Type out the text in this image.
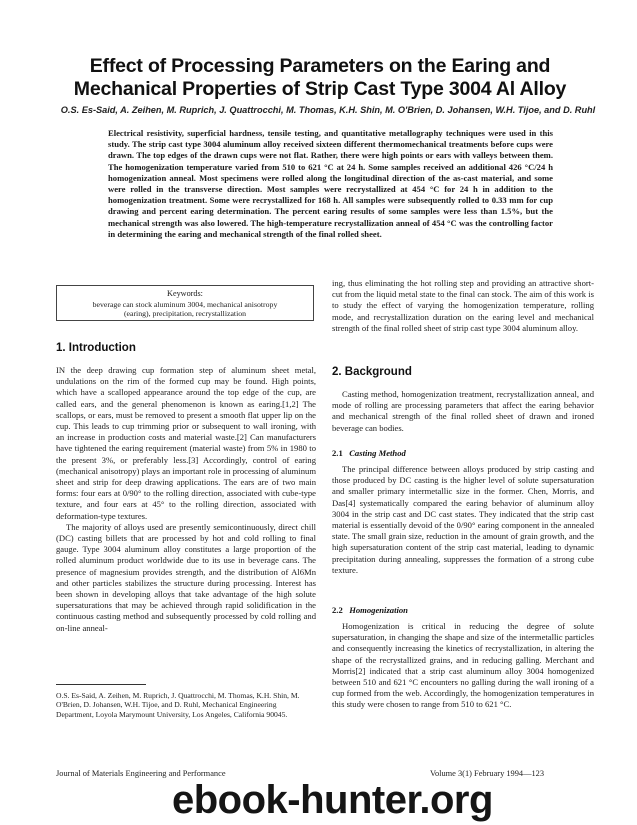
Effect of Processing Parameters on the Earing and
Mechanical Properties of Strip Cast Type 3004 Al Alloy
O.S. Es-Said, A. Zeihen, M. Ruprich, J. Quattrocchi, M. Thomas, K.H. Shin, M. O'Brien, D. Johansen, W.H. Tijoe, and D. Ruhl
Electrical resistivity, superficial hardness, tensile testing, and quantitative metallography techniques were used in this study. The strip cast type 3004 aluminum alloy received sixteen different thermomechanical treatments before cups were drawn. The top edges of the drawn cups were not flat. Rather, there were high points or ears with valleys between them. The homogenization temperature varied from 510 to 621 °C at 24 h. Some samples received an additional 426 °C/24 h homogenization anneal. Most specimens were rolled along the longitudinal direction of the as-cast material, and some were rolled in the transverse direction. Most samples were recrystallized at 454 °C for 24 h in addition to the homogenization treatment. Some were recrystallized for 168 h. All samples were subsequently rolled to 0.33 mm for cup drawing and percent earing determination. The percent earing results of some samples were less than 1.5%, but the mechanical strength was also lowered. The high-temperature recrystallization anneal of 454 °C was the controlling factor in determining the earing and mechanical strength of the final rolled sheet.
Keywords:
beverage can stock aluminum 3004, mechanical anisotropy
(earing), precipitation, recrystallization
1. Introduction

IN the deep drawing cup formation step of aluminum sheet metal, undulations on the rim of the formed cup may be found. High points, which have a scalloped appearance around the top edge of the cup, are called ears, and the general phenomenon is known as earing.[1,2] The scallops, or ears, must be removed to present a smooth flat upper lip on the cup. This leads to cup trimming prior or subsequent to wall ironing, with an increase in production costs and material waste.[2] Can manufacturers have tightened the earing requirement (material waste) from 5% in 1980 to the present 3%, or preferably less.[3] Accordingly, control of earing (mechanical anisotropy) plays an important role in processing of aluminum sheet and strip for deep drawing applications. The ears are of two main forms: four ears at 0/90° to the rolling direction, associated with cube-type texture, and four ears at 45° to the rolling direction, associated with deformation-type textures.

The majority of alloys used are presently semicontinuously, direct chill (DC) casting billets that are processed by hot and cold rolling to final gauge. Type 3004 aluminum alloy constitutes a large proportion of the rolled aluminum product worldwide due to its use in beverage cans. The presence of magnesium provides strength, and the distribution of Al6Mn and other particles stabilizes the structure during processing. Interest has been shown in developing alloys that take advantage of the high solute supersaturations that may be achieved through rapid solidification in the continuous casting method and subsequently processed by cold rolling and on-line anneal-

O.S. Es-Said, A. Zeihen, M. Ruprich, J. Quattrocchi, M. Thomas, K.H. Shin, M. O'Brien, D. Johansen, W.H. Tijoe, and D. Ruhl, Mechanical Engineering Department, Loyola Marymount University, Los Angeles, California 90045.

ing, thus eliminating the hot rolling step and providing an attractive short-cut from the liquid metal state to the final can stock. The aim of this work is to study the effect of varying the homogenization temperature, rolling mode, and recrystallization duration on the earing level and mechanical strength of the final rolled sheet of strip cast type 3004 aluminum alloy.

2. Background

Casting method, homogenization treatment, recrystallization anneal, and mode of rolling are processing parameters that affect the earing behavior and mechanical strength of the final rolled sheet of drawn and ironed beverage can bodies.

2.1 Casting Method

The principal difference between alloys produced by strip casting and those produced by DC casting is the higher level of solute supersaturation and smaller primary intermetallic size in the former. Chen, Morris, and Das[4] systematically compared the earing behavior of aluminum alloy 3004 in the strip cast and DC cast states. They indicated that the strip cast material is essentially devoid of the 0/90° earing component in the annealed state. The small grain size, reduction in the amount of grain growth, and the high supersaturation content of the strip cast material, leading to dynamic precipitation during annealing, suppresses the formation of a strong cube texture.

2.2 Homogenization

Homogenization is critical in reducing the degree of solute supersaturation, in changing the shape and size of the intermetallic particles and consequently increasing the kinetics of recrystallization, in altering the shape of the recrystallized grains, and in reducing galling. Merchant and Morris[2] indicated that a strip cast aluminum alloy 3004 homogenized between 510 and 621 °C encounters no galling during the wall ironing of a cup formed from the web. Accordingly, the homogenization temperatures in this study were chosen to range from 510 to 621 °C.

Journal of Materials Engineering and Performance	Volume 3(1) February 1994—123
ebook-hunter.org
